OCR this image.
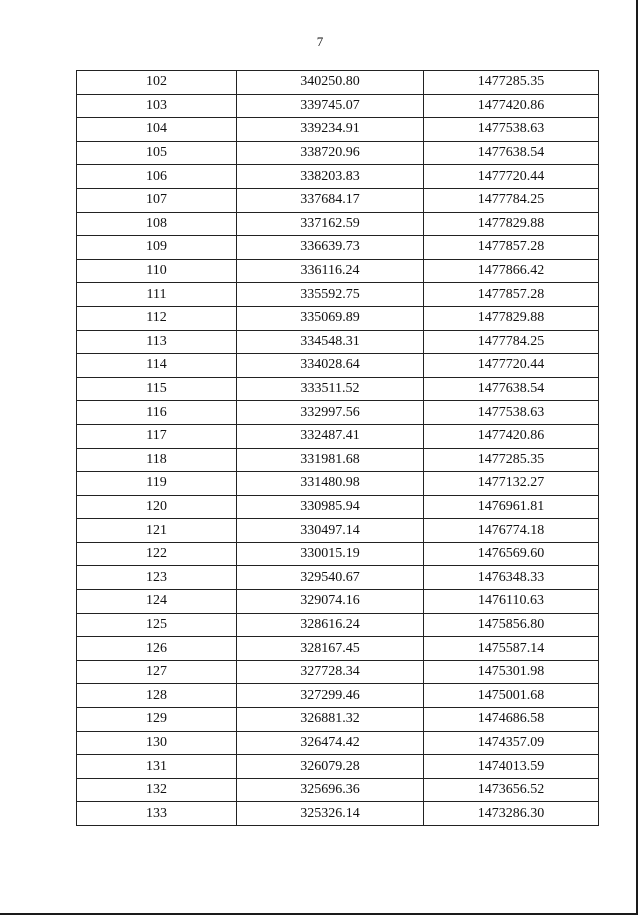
7
102	340250.80	1477285.35
103	339745.07	1477420.86
104	339234.91	1477538.63
105	338720.96	1477638.54
106	338203.83	1477720.44
107	337684.17	1477784.25
108	337162.59	1477829.88
109	336639.73	1477857.28
110	336116.24	1477866.42
111	335592.75	1477857.28
112	335069.89	1477829.88
113	334548.31	1477784.25
114	334028.64	1477720.44
115	333511.52	1477638.54
116	332997.56	1477538.63
117	332487.41	1477420.86
118	331981.68	1477285.35
119	331480.98	1477132.27
120	330985.94	1476961.81
121	330497.14	1476774.18
122	330015.19	1476569.60
123	329540.67	1476348.33
124	329074.16	1476110.63
125	328616.24	1475856.80
126	328167.45	1475587.14
127	327728.34	1475301.98
128	327299.46	1475001.68
129	326881.32	1474686.58
130	326474.42	1474357.09
131	326079.28	1474013.59
132	325696.36	1473656.52
133	325326.14	1473286.30
